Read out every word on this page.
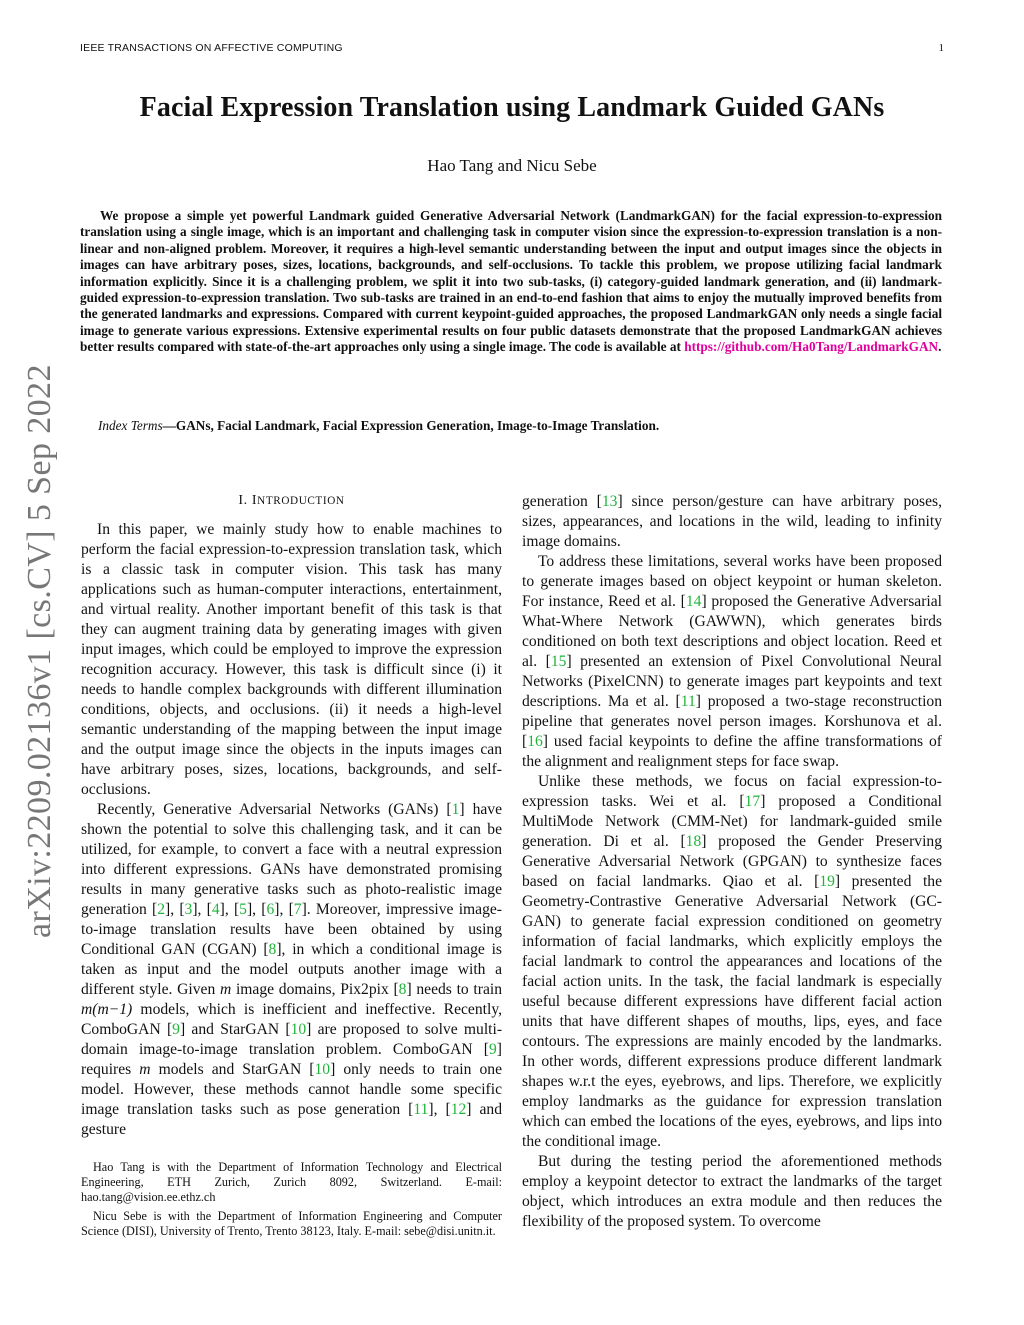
IEEE TRANSACTIONS ON AFFECTIVE COMPUTING	1
Facial Expression Translation using Landmark Guided GANs
Hao Tang and Nicu Sebe
We propose a simple yet powerful Landmark guided Generative Adversarial Network (LandmarkGAN) for the facial expression-to-expression translation using a single image, which is an important and challenging task in computer vision since the expression-to-expression translation is a non-linear and non-aligned problem. Moreover, it requires a high-level semantic understanding between the input and output images since the objects in images can have arbitrary poses, sizes, locations, backgrounds, and self-occlusions. To tackle this problem, we propose utilizing facial landmark information explicitly. Since it is a challenging problem, we split it into two sub-tasks, (i) category-guided landmark generation, and (ii) landmark-guided expression-to-expression translation. Two sub-tasks are trained in an end-to-end fashion that aims to enjoy the mutually improved benefits from the generated landmarks and expressions. Compared with current keypoint-guided approaches, the proposed LandmarkGAN only needs a single facial image to generate various expressions. Extensive experimental results on four public datasets demonstrate that the proposed LandmarkGAN achieves better results compared with state-of-the-art approaches only using a single image. The code is available at https://github.com/Ha0Tang/LandmarkGAN.
Index Terms—GANs, Facial Landmark, Facial Expression Generation, Image-to-Image Translation.
arXiv:2209.02136v1 [cs.CV] 5 Sep 2022	I. INTRODUCTION

In this paper, we mainly study how to enable machines to perform the facial expression-to-expression translation task, which is a classic task in computer vision. This task has many applications such as human-computer interactions, entertainment, and virtual reality. Another important benefit of this task is that they can augment training data by generating images with given input images, which could be employed to improve the expression recognition accuracy. However, this task is difficult since (i) it needs to handle complex backgrounds with different illumination conditions, objects, and occlusions. (ii) it needs a high-level semantic understanding of the mapping between the input image and the output image since the objects in the inputs images can have arbitrary poses, sizes, locations, backgrounds, and self-occlusions.

Recently, Generative Adversarial Networks (GANs) [1] have shown the potential to solve this challenging task, and it can be utilized, for example, to convert a face with a neutral expression into different expressions. GANs have demonstrated promising results in many generative tasks such as photo-realistic image generation [2], [3], [4], [5], [6], [7]. Moreover, impressive image-to-image translation results have been obtained by using Conditional GAN (CGAN) [8], in which a conditional image is taken as input and the model outputs another image with a different style. Given m image domains, Pix2pix [8] needs to train m(m−1) models, which is inefficient and ineffective. Recently, ComboGAN [9] and StarGAN [10] are proposed to solve multi-domain image-to-image translation problem. ComboGAN [9] requires m models and StarGAN [10] only needs to train one model. However, these methods cannot handle some specific image translation tasks such as pose generation [11], [12] and gesture

Hao Tang is with the Department of Information Technology and Electrical Engineering, ETH Zurich, Zurich 8092, Switzerland. E-mail: hao.tang@vision.ee.ethz.ch

Nicu Sebe is with the Department of Information Engineering and Computer Science (DISI), University of Trento, Trento 38123, Italy. E-mail: sebe@disi.unitn.it.

generation [13] since person/gesture can have arbitrary poses, sizes, appearances, and locations in the wild, leading to infinity image domains.

To address these limitations, several works have been proposed to generate images based on object keypoint or human skeleton. For instance, Reed et al. [14] proposed the Generative Adversarial What-Where Network (GAWWN), which generates birds conditioned on both text descriptions and object location. Reed et al. [15] presented an extension of Pixel Convolutional Neural Networks (PixelCNN) to generate images part keypoints and text descriptions. Ma et al. [11] proposed a two-stage reconstruction pipeline that generates novel person images. Korshunova et al. [16] used facial keypoints to define the affine transformations of the alignment and realignment steps for face swap.

Unlike these methods, we focus on facial expression-to-expression tasks. Wei et al. [17] proposed a Conditional MultiMode Network (CMM-Net) for landmark-guided smile generation. Di et al. [18] proposed the Gender Preserving Generative Adversarial Network (GPGAN) to synthesize faces based on facial landmarks. Qiao et al. [19] presented the Geometry-Contrastive Generative Adversarial Network (GC-GAN) to generate facial expression conditioned on geometry information of facial landmarks, which explicitly employs the facial landmark to control the appearances and locations of the facial action units. In the task, the facial landmark is especially useful because different expressions have different facial action units that have different shapes of mouths, lips, eyes, and face contours. The expressions are mainly encoded by the landmarks. In other words, different expressions produce different landmark shapes w.r.t the eyes, eyebrows, and lips. Therefore, we explicitly employ landmarks as the guidance for expression translation which can embed the locations of the eyes, eyebrows, and lips into the conditional image.

But during the testing period the aforementioned methods employ a keypoint detector to extract the landmarks of the target object, which introduces an extra module and then reduces the flexibility of the proposed system. To overcome
